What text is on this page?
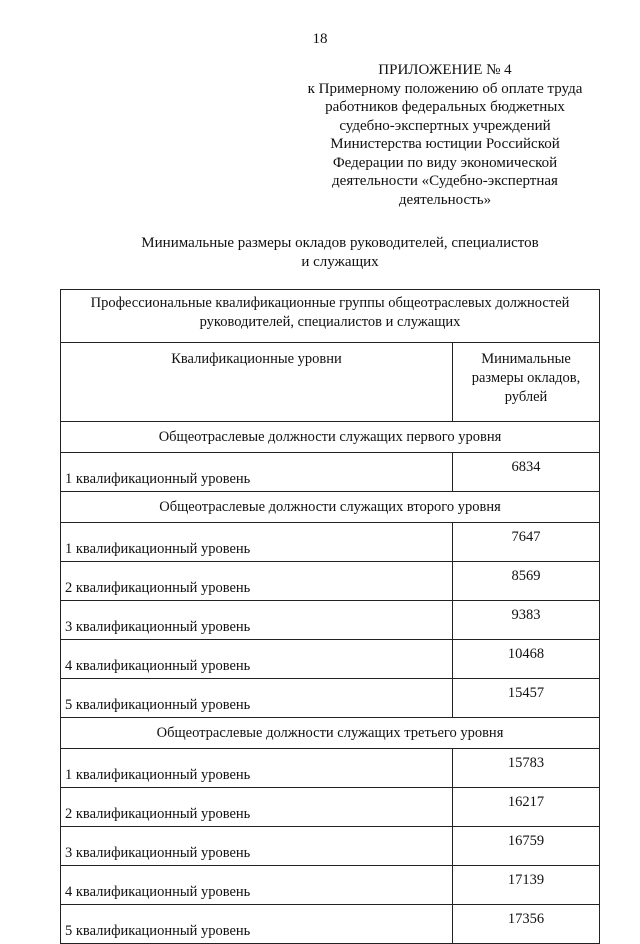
18
ПРИЛОЖЕНИЕ № 4
к Примерному положению об оплате труда
работников федеральных бюджетных
судебно-экспертных учреждений
Министерства юстиции Российской
Федерации по виду экономической
деятельности «Судебно-экспертная
деятельность»
Минимальные размеры окладов руководителей, специалистов
и служащих
Профессиональные квалификационные группы общеотраслевых должностей
руководителей, специалистов и служащих	

Квалификационные уровни	Минимальные
размеры окладов,
рублей

Общеотраслевые должности служащих первого уровня	
1 квалификационный уровень	6834
Общеотраслевые должности служащих второго уровня	
1 квалификационный уровень	7647
2 квалификационный уровень	8569
3 квалификационный уровень	9383
4 квалификационный уровень	10468
5 квалификационный уровень	15457
Общеотраслевые должности служащих третьего уровня	
1 квалификационный уровень	15783
2 квалификационный уровень	16217
3 квалификационный уровень	16759
4 квалификационный уровень	17139
5 квалификационный уровень	17356
